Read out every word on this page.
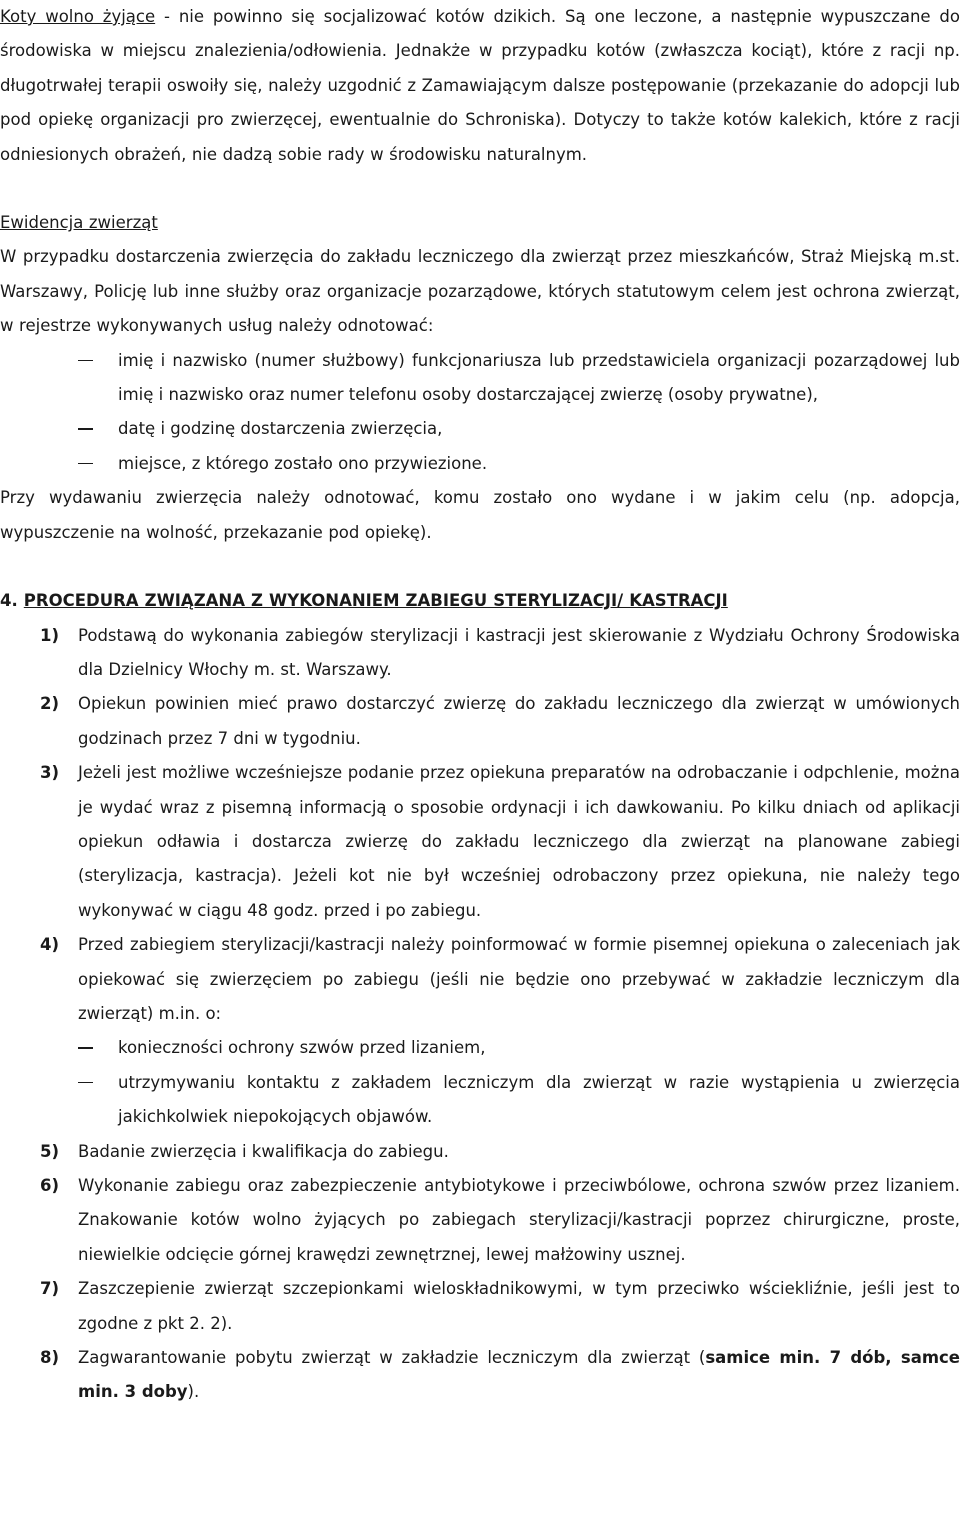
Koty wolno żyjące - nie powinno się socjalizować kotów dzikich. Są one leczone, a następnie wypuszczane do środowiska w miejscu znalezienia/odłowienia. Jednakże w przypadku kotów (zwłaszcza kociąt), które z racji np. długotrwałej terapii oswoiły się, należy uzgodnić z Zamawiającym dalsze postępowanie (przekazanie do adopcji lub pod opiekę organizacji pro zwierzęcej, ewentualnie do Schroniska). Dotyczy to także kotów kalekich, które z racji odniesionych obrażeń, nie dadzą sobie rady w środowisku naturalnym.

Ewidencja zwierząt

W przypadku dostarczenia zwierzęcia do zakładu leczniczego dla zwierząt przez mieszkańców, Straż Miejską m.st. Warszawy, Policję lub inne służby oraz organizacje pozarządowe, których statutowym celem jest ochrona zwierząt, w rejestrze wykonywanych usług należy odnotować:

imię i nazwisko (numer służbowy) funkcjonariusza lub przedstawiciela organizacji pozarządowej lub imię i nazwisko oraz numer telefonu osoby dostarczającej zwierzę (osoby prywatne),
datę i godzinę dostarczenia zwierzęcia,
miejsce, z którego zostało ono przywiezione.

Przy wydawaniu zwierzęcia należy odnotować, komu zostało ono wydane i w jakim celu (np. adopcja, wypuszczenie na wolność, przekazanie pod opiekę).

4. PROCEDURA ZWIĄZANA Z WYKONANIEM ZABIEGU STERYLIZACJI/ KASTRACJI

1) Podstawą do wykonania zabiegów sterylizacji i kastracji jest skierowanie z Wydziału Ochrony Środowiska dla Dzielnicy Włochy m. st. Warszawy.
2) Opiekun powinien mieć prawo dostarczyć zwierzę do zakładu leczniczego dla zwierząt w umówionych godzinach przez 7 dni w tygodniu.
3) Jeżeli jest możliwe wcześniejsze podanie przez opiekuna preparatów na odrobaczanie i odpchlenie, można je wydać wraz z pisemną informacją o sposobie ordynacji i ich dawkowaniu. Po kilku dniach od aplikacji opiekun odławia i dostarcza zwierzę do zakładu leczniczego dla zwierząt na planowane zabiegi (sterylizacja, kastracja). Jeżeli kot nie był wcześniej odrobaczony przez opiekuna, nie należy tego wykonywać w ciągu 48 godz. przed i po zabiegu.
4) Przed zabiegiem sterylizacji/kastracji należy poinformować w formie pisemnej opiekuna o zaleceniach jak opiekować się zwierzęciem po zabiegu (jeśli nie będzie ono przebywać w zakładzie leczniczym dla zwierząt) m.in. o:
konieczności ochrony szwów przed lizaniem,
utrzymywaniu kontaktu z zakładem leczniczym dla zwierząt w razie wystąpienia u zwierzęcia jakichkolwiek niepokojących objawów.
5) Badanie zwierzęcia i kwalifikacja do zabiegu.
6) Wykonanie zabiegu oraz zabezpieczenie antybiotykowe i przeciwbólowe, ochrona szwów przez lizaniem. Znakowanie kotów wolno żyjących po zabiegach sterylizacji/kastracji poprzez chirurgiczne, proste, niewielkie odcięcie górnej krawędzi zewnętrznej, lewej małżowiny usznej.
7) Zaszczepienie zwierząt szczepionkami wieloskładnikowymi, w tym przeciwko wściekliźnie, jeśli jest to zgodne z pkt 2. 2).
8) Zagwarantowanie pobytu zwierząt w zakładzie leczniczym dla zwierząt (samice min. 7 dób, samce min. 3 doby).
